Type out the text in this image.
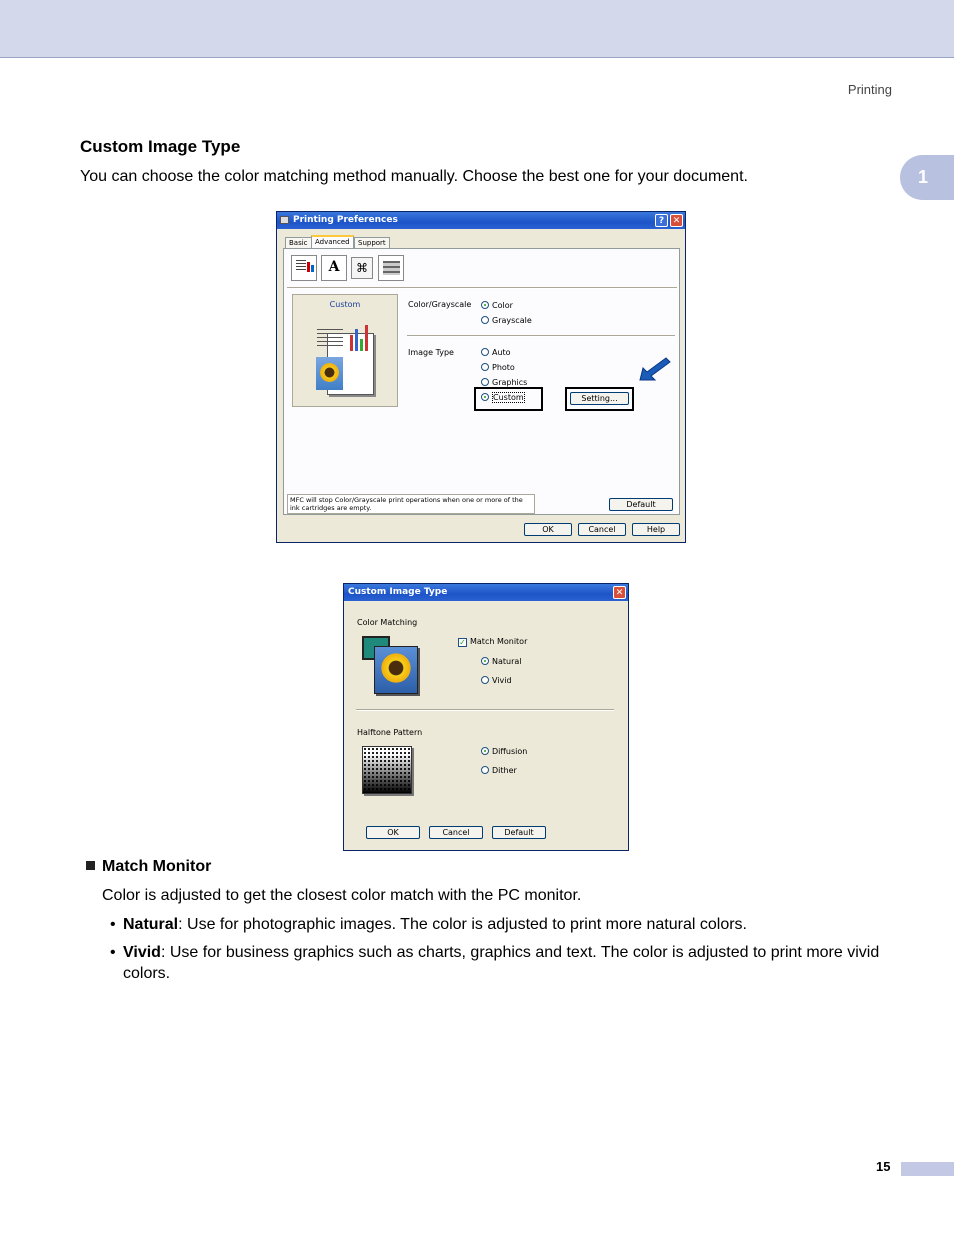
Printing
1
Custom Image Type
You can choose the color matching method manually. Choose the best one for your document.
Printing Preferences	? ✕
Basic	Advanced	Support
A	⌘
Custom	Color/Grayscale	Color
Grayscale
Image Type	Auto
Photo
Graphics
Custom	Setting...
MFC will stop Color/Grayscale print operations when one or more of the ink cartridges are empty.	Default
OK	Cancel	Help
Custom Image Type	✕
Color Matching
✓ Match Monitor
Natural
Vivid
Halftone Pattern
Diffusion
Dither
OK	Cancel	Default
Match Monitor
Color is adjusted to get the closest color match with the PC monitor.
• Natural: Use for photographic images. The color is adjusted to print more natural colors.
• Vivid: Use for business graphics such as charts, graphics and text. The color is adjusted to print more vivid colors.
15
